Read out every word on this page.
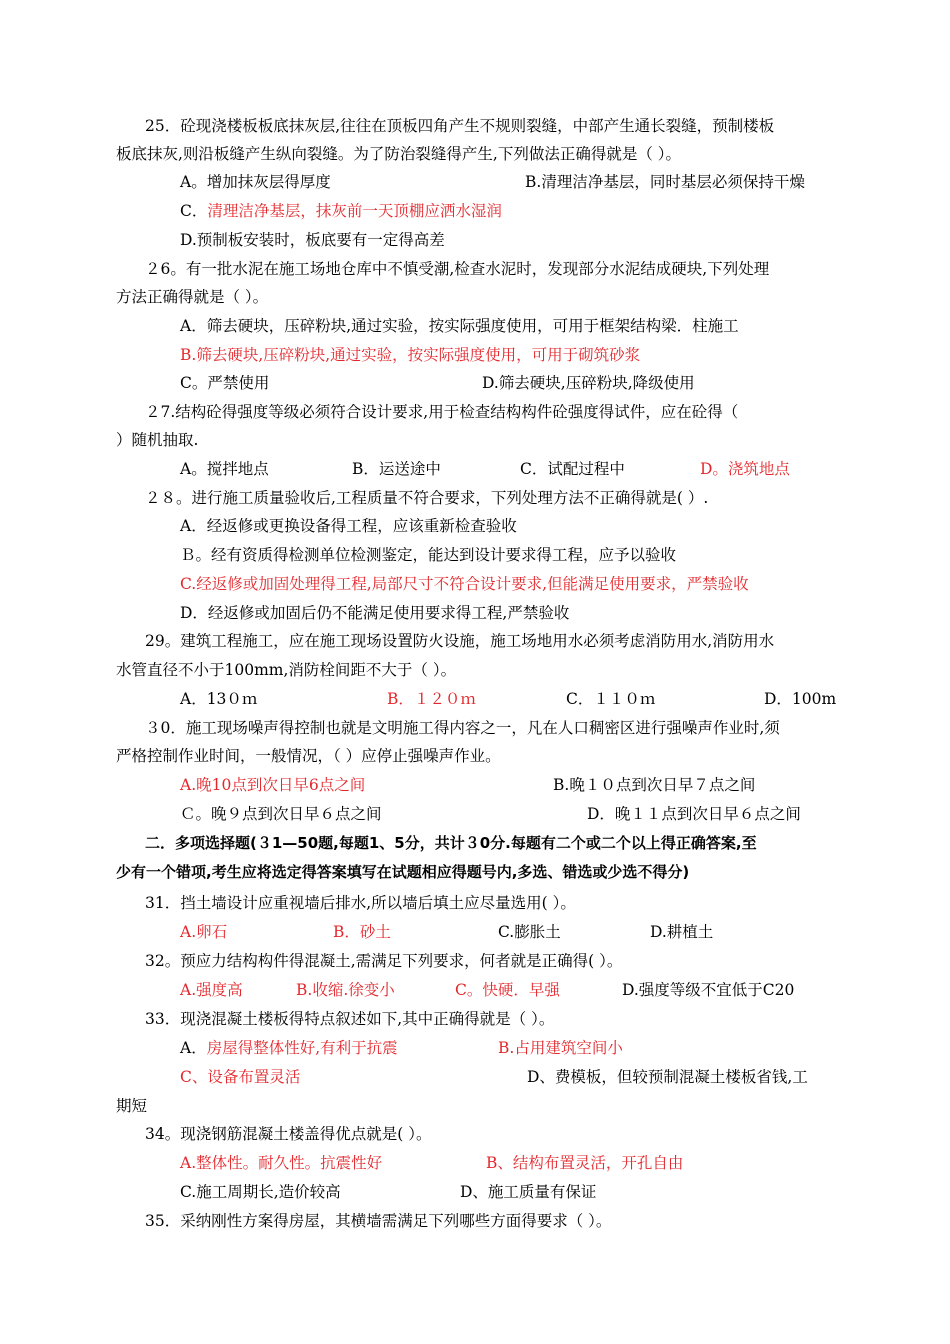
25．砼现浇楼板板底抹灰层,往往在顶板四角产生不规则裂缝，中部产生通长裂缝，预制楼板
板底抹灰,则沿板缝产生纵向裂缝。为了防治裂缝得产生,下列做法正确得就是（ ）。
A。增加抹灰层得厚度	B.清理洁净基层，同时基层必须保持干燥
C．清理洁净基层，抹灰前一天顶棚应洒水湿润
D.预制板安装时，板底要有一定得高差
２6。有一批水泥在施工场地仓库中不慎受潮,检查水泥时，发现部分水泥结成硬块,下列处理
方法正确得就是（ ）。
A．筛去硬块，压碎粉块,通过实验，按实际强度使用，可用于框架结构梁．柱施工
B.筛去硬块,压碎粉块,通过实验，按实际强度使用，可用于砌筑砂浆
C。严禁使用	D.筛去硬块,压碎粉块,降级使用
２7.结构砼得强度等级必须符合设计要求,用于检查结构构件砼强度得试件，应在砼得（
）随机抽取.
A。搅拌地点	B．运送途中	C．试配过程中	D。浇筑地点
２８。进行施工质量验收后,工程质量不符合要求，下列处理方法不正确得就是( ）.
A．经返修或更换设备得工程，应该重新检查验收
Ｂ。经有资质得检测单位检测鉴定，能达到设计要求得工程，应予以验收
C.经返修或加固处理得工程,局部尺寸不符合设计要求,但能满足使用要求，严禁验收
D．经返修或加固后仍不能满足使用要求得工程,严禁验收
29。建筑工程施工，应在施工现场设置防火设施，施工场地用水必须考虑消防用水,消防用水
水管直径不小于100mm,消防栓间距不大于（ ）。
A．13０ｍ	B．１２０ｍ	C．１１０ｍ	D．100m
３0．施工现场噪声得控制也就是文明施工得内容之一，凡在人口稠密区进行强噪声作业时,须
严格控制作业时间，一般情况，（ ）应停止强噪声作业。
A.晚10点到次日早6点之间	B.晚１０点到次日早７点之间
Ｃ。晚９点到次日早６点之间	D．晚１１点到次日早６点之间
二．多项选择题(３1—50题,每题1、5分，共计３0分.每题有二个或二个以上得正确答案,至
少有一个错项,考生应将选定得答案填写在试题相应得题号内,多选、错选或少选不得分)
31．挡土墙设计应重视墙后排水,所以墙后填土应尽量选用( ）。
A.卵石	B．砂土	C.膨胀土	D.耕植土
32。预应力结构构件得混凝土,需满足下列要求，何者就是正确得( ）。
A.强度高	B.收缩.徐变小	C。快硬．早强	D.强度等级不宜低于C20
33．现浇混凝土楼板得特点叙述如下,其中正确得就是（ ）。
A．房屋得整体性好,有利于抗震	B.占用建筑空间小
C、设备布置灵活	D、费模板，但较预制混凝土楼板省钱,工
期短
34。现浇钢筋混凝土楼盖得优点就是( ）。
A.整体性。耐久性。抗震性好	B、结构布置灵活，开孔自由
C.施工周期长,造价较高	D、施工质量有保证
35．采纳刚性方案得房屋，其横墙需满足下列哪些方面得要求（ ）。
